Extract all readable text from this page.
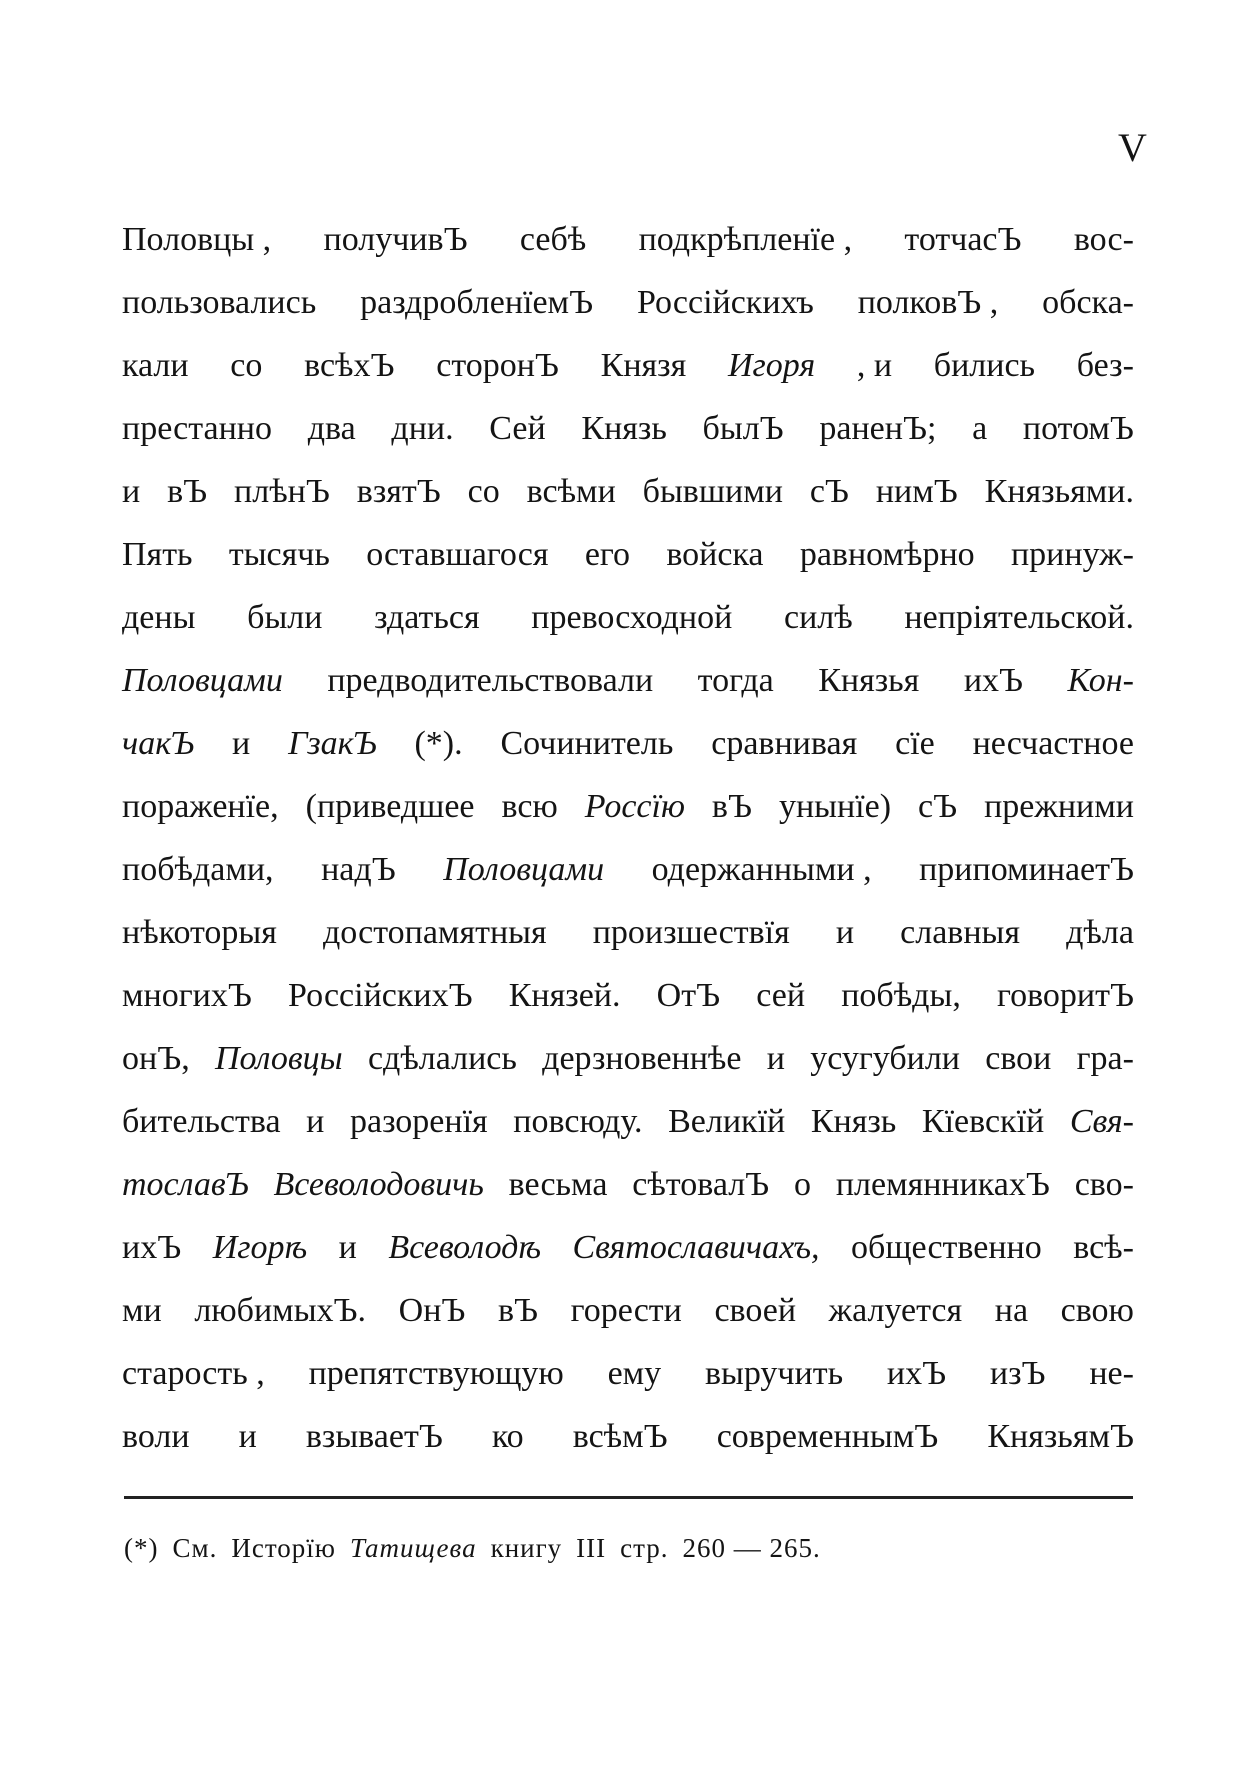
V
Половцы , получивЪ себѣ подкрѣпленїе , тотчасЪ вос-
пользовались раздробленїемЪ Россійскихъ полковЪ , обска-
кали со всѣхЪ сторонЪ Князя Игоря , и бились без-
престанно два дни. Сей Князь былЪ раненЪ; а потомЪ
и вЪ плѣнЪ взятЪ со всѣми бывшими сЪ нимЪ Князьями.
Пять тысячь оставшагося его войска равномѣрно принуж-
дены были здаться превосходной силѣ непріятельской.
Половцами предводительствовали тогда Князья ихЪ Кон-
чакЪ и ГзакЪ (*). Сочинитель сравнивая сїе несчастное
пораженїе, (приведшее всю Россїю вЪ унынїе) сЪ прежними
побѣдами, надЪ Половцами одержанными , припоминаетЪ
нѣкоторыя достопамятныя произшествїя и славныя дѣла
многихЪ РоссійскихЪ Князей. ОтЪ сей побѣды, говоритЪ
онЪ, Половцы сдѣлались дерзновеннѣе и усугубили свои гра-
бительства и разоренїя повсюду. Великїй Князь Кїевскїй Свя-
тославЪ Всеволодовичь весьма сѣтовалЪ о племянникахЪ сво-
ихЪ Игорѣ и Всеволодѣ Святославичахъ, общественно всѣ-
ми любимыхЪ. ОнЪ вЪ горести своей жалуется на свою
старость , препятствующую ему выручить ихЪ изЪ не-
воли и взываетЪ ко всѣмЪ современнымЪ КнязьямЪ
(*) См. Исторїю Татищева книгу III стр. 260 — 265.
